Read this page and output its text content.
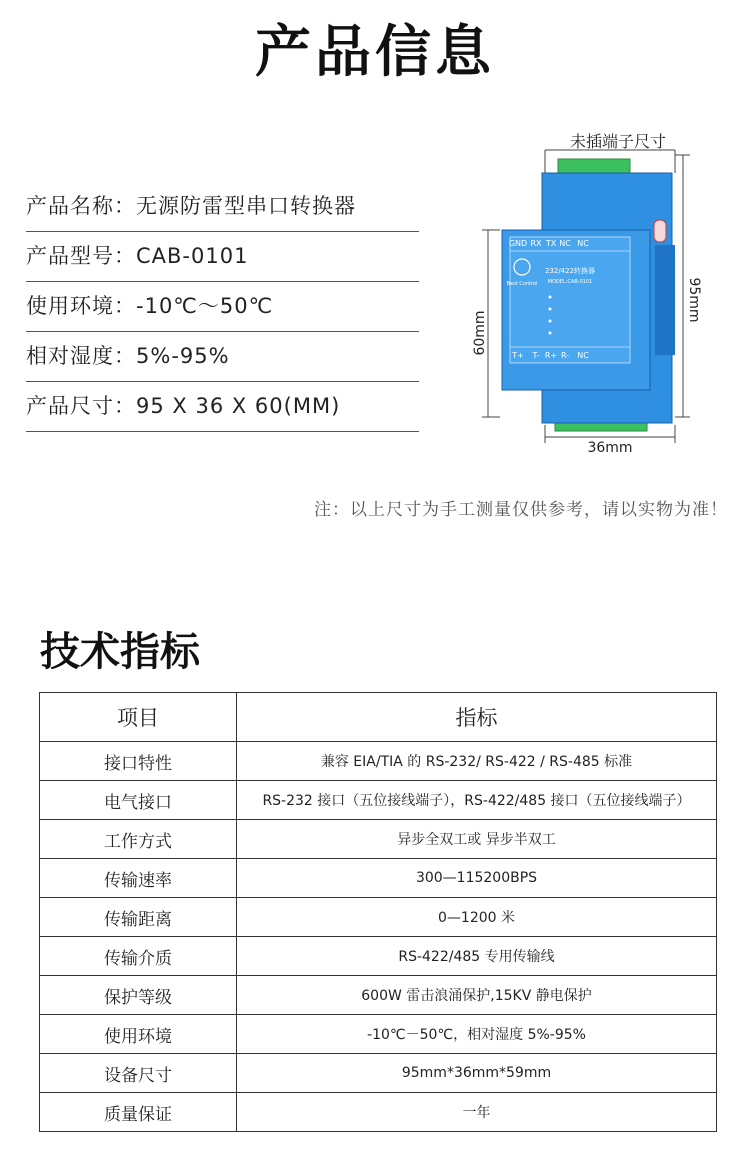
产品信息
产品名称：无源防雷型串口转换器
产品型号：CAB-0101
使用环境：-10℃～50℃
相对湿度：5%-95%
产品尺寸：95 X 36 X 60(MM)
未插端子尺寸
60mm
95mm
36mm
GND RX TX NC NC
T+ T- R+ R- NC
Best Control
232/422转换器
MODEL:CAB-0101
注：以上尺寸为手工测量仅供参考，请以实物为准！
技术指标
项目	指标
接口特性	兼容 EIA/TIA 的 RS-232/ RS-422 / RS-485 标准
电气接口	RS-232 接口（五位接线端子），RS-422/485 接口（五位接线端子）
工作方式	异步全双工或 异步半双工
传输速率	300—115200BPS
传输距离	0—1200 米
传输介质	RS-422/485 专用传输线
保护等级	600W 雷击浪涌保护,15KV 静电保护
使用环境	-10℃－50℃，相对湿度 5%-95%
设备尺寸	95mm*36mm*59mm
质量保证	一年
